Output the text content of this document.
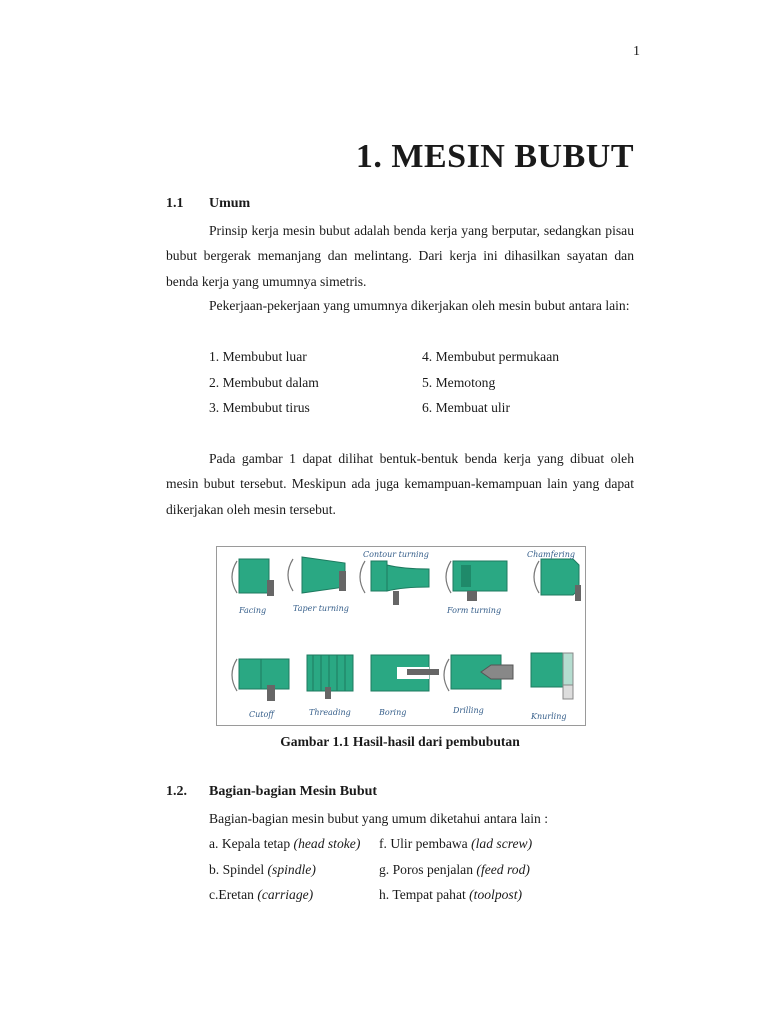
1
1. MESIN BUBUT
1.1 Umum

Prinsip kerja mesin bubut adalah benda kerja yang berputar, sedangkan pisau bubut bergerak memanjang dan melintang. Dari kerja ini dihasilkan sayatan dan benda kerja yang umumnya simetris.

Pekerjaan-pekerjaan yang umumnya dikerjakan oleh mesin bubut antara lain:

1. Membubut luar
2. Membubut dalam
3. Membubut tirus
4. Membubut permukaan
5. Memotong
6. Membuat ulir

Pada gambar 1 dapat dilihat bentuk-bentuk benda kerja yang dibuat oleh mesin bubut tersebut. Meskipun ada juga kemampuan-kemampuan lain yang dapat dikerjakan oleh mesin tersebut.

Facing	Taper turning
Contour turning
Form turning
Chamfering
Cutoff	Threading	Boring	Drilling
Knurling
Gambar 1.1 Hasil-hasil dari pembubutan
1.2. Bagian-bagian Mesin Bubut
Bagian-bagian mesin bubut yang umum diketahui antara lain :
a. Kepala tetap (head stoke)
b. Spindel (spindle)
c.Eretan (carriage)
f. Ulir pembawa (lad screw)
g. Poros penjalan (feed rod)
h. Tempat pahat (toolpost)
